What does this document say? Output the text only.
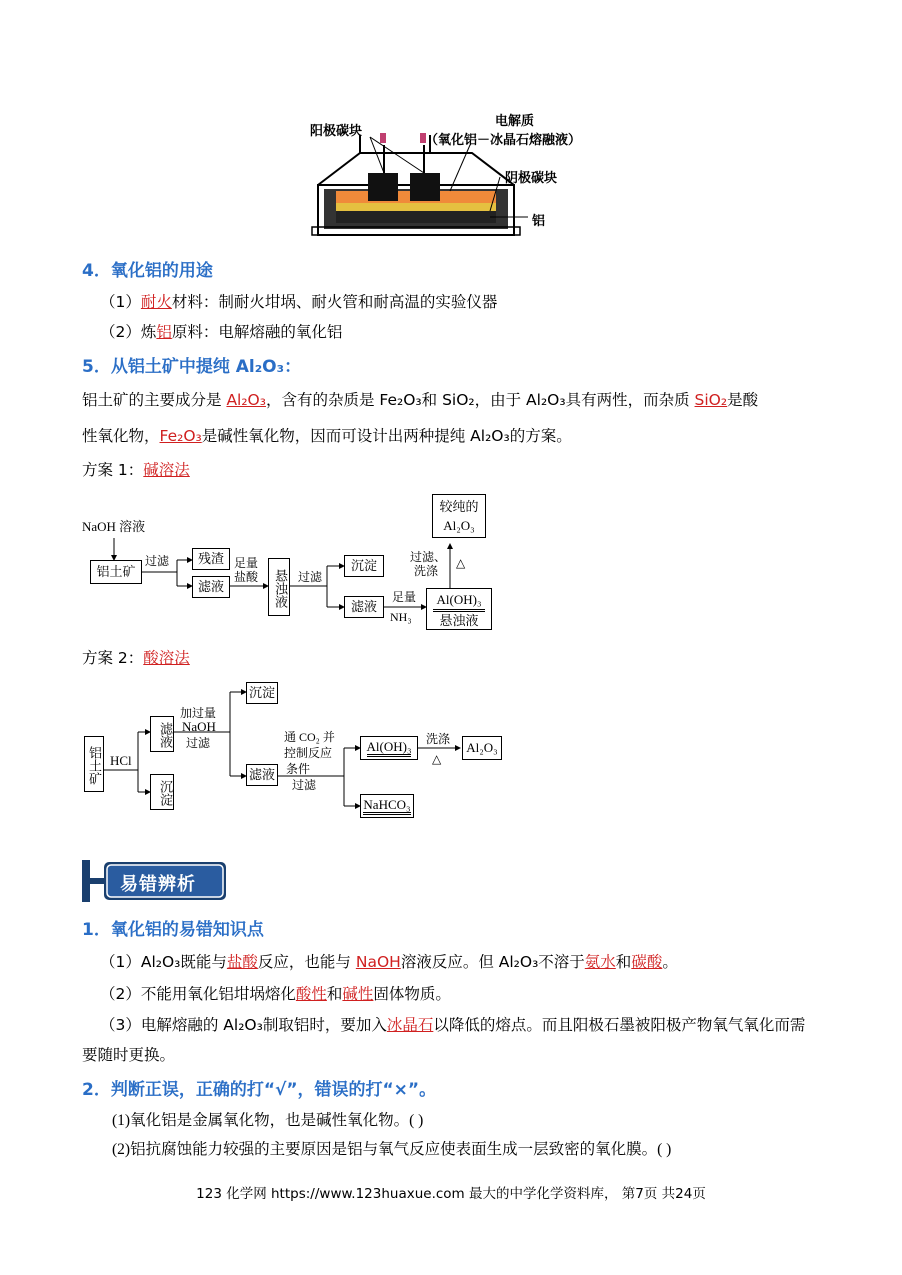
阳极碳块
电解质
（氧化铝－冰晶石熔融液）
阴极碳块
铝
4．氧化铝的用途
（1）耐火材料：制耐火坩埚、耐火管和耐高温的实验仪器
（2）炼铝原料：电解熔融的氧化铝
5．从铝土矿中提纯 Al₂O₃：
铝土矿的主要成分是 Al₂O₃，含有的杂质是 Fe₂O₃和 SiO₂，由于 Al₂O₃具有两性，而杂质 SiO₂是酸
性氧化物，Fe₂O₃是碱性氧化物，因而可设计出两种提纯 Al₂O₃的方案。
方案 1：碱溶法
NaOH 溶液
铝土矿
过滤	残渣
滤液
足量
盐酸	悬浊液 过滤
沉淀
滤液
足量
NH₃
Al(OH)₃
悬浊液
过滤、
洗涤
△
较纯的
Al₂O₃
方案 2：酸溶法
铝土矿 HCl
滤液
沉淀
加过量
NaOH
过滤
沉淀
滤液
通 CO₂ 并
控制反应
条件
过滤
Al(OH)₃	洗涤
△
Al₂O₃
NaHCO₃
易错辨析
1．氧化铝的易错知识点
（1）Al₂O₃既能与盐酸反应，也能与 NaOH溶液反应。但 Al₂O₃不溶于氨水和碳酸。
（2）不能用氧化铝坩埚熔化酸性和碱性固体物质。
（3）电解熔融的 Al₂O₃制取铝时，要加入冰晶石以降低的熔点。而且阳极石墨被阳极产物氧气氧化而需
要随时更换。
2．判断正误，正确的打“√”，错误的打“×”。
(1)氧化铝是金属氧化物，也是碱性氧化物。( )
(2)铝抗腐蚀能力较强的主要原因是铝与氧气反应使表面生成一层致密的氧化膜。( )
123 化学网 https://www.123huaxue.com 最大的中学化学资料库， 第7页 共24页
